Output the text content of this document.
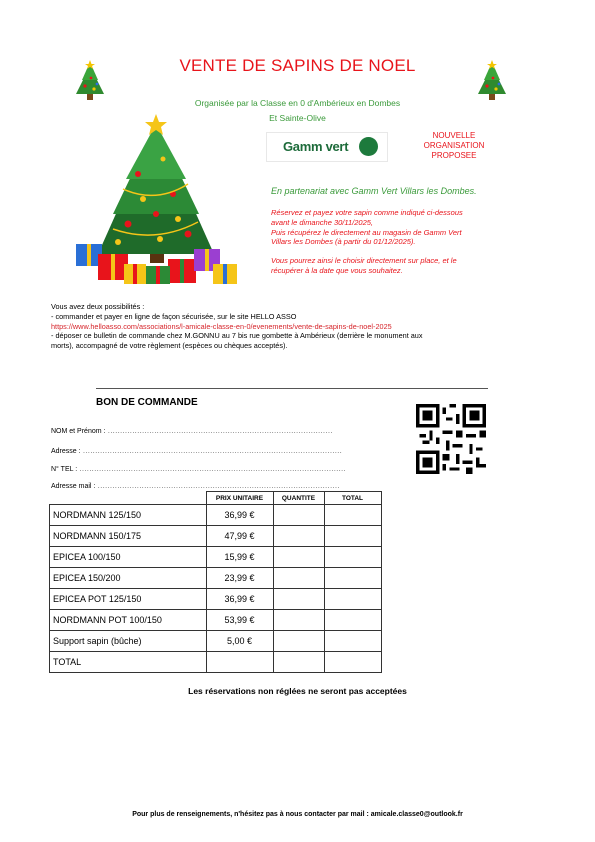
VENTE DE SAPINS DE NOEL
Organisée par la Classe en 0 d'Ambérieux en Dombes
Et Sainte-Olive
Gamm vert
NOUVELLE
ORGANISATION
PROPOSEE
En partenariat avec Gamm Vert Villars les Dombes.
Réservez et payez votre sapin comme indiqué ci-dessous
avant le dimanche 30/11/2025,
Puis récupérez le directement au magasin de Gamm Vert
Villars les Dombes (à partir du 01/12/2025).
Vous pourrez ainsi le choisir directement sur place, et le
récupérer à la date que vous souhaitez.
Vous avez deux possibilités :
- commander et payer en ligne de façon sécurisée, sur le site HELLO ASSO
https://www.helloasso.com/associations/l-amicale-classe-en-0/evenements/vente-de-sapins-de-noel-2025
- déposer ce bulletin de commande chez M.GONNU au 7 bis rue gombette à Ambérieux (derrière le monument aux
morts), accompagné de votre règlement (espèces ou chèques acceptés).
BON DE COMMANDE
NOM et Prénom : ............................................................................................
Adresse : ..........................................................................................................
N° TEL : .............................................................................................................
Adresse mail : ...................................................................................................
	PRIX UNITAIRE	QUANTITE	TOTAL
NORDMANN 125/150	36,99 €		
NORDMANN 150/175	47,99 €		
EPICEA 100/150	15,99 €		
EPICEA 150/200	23,99 €		
EPICEA POT 125/150	36,99 €		
NORDMANN POT 100/150	53,99 €		
Support sapin (bûche)	5,00 €		
TOTAL			
Les réservations non réglées ne seront pas acceptées
Pour plus de renseignements, n'hésitez pas à nous contacter par mail : amicale.classe0@outlook.fr
